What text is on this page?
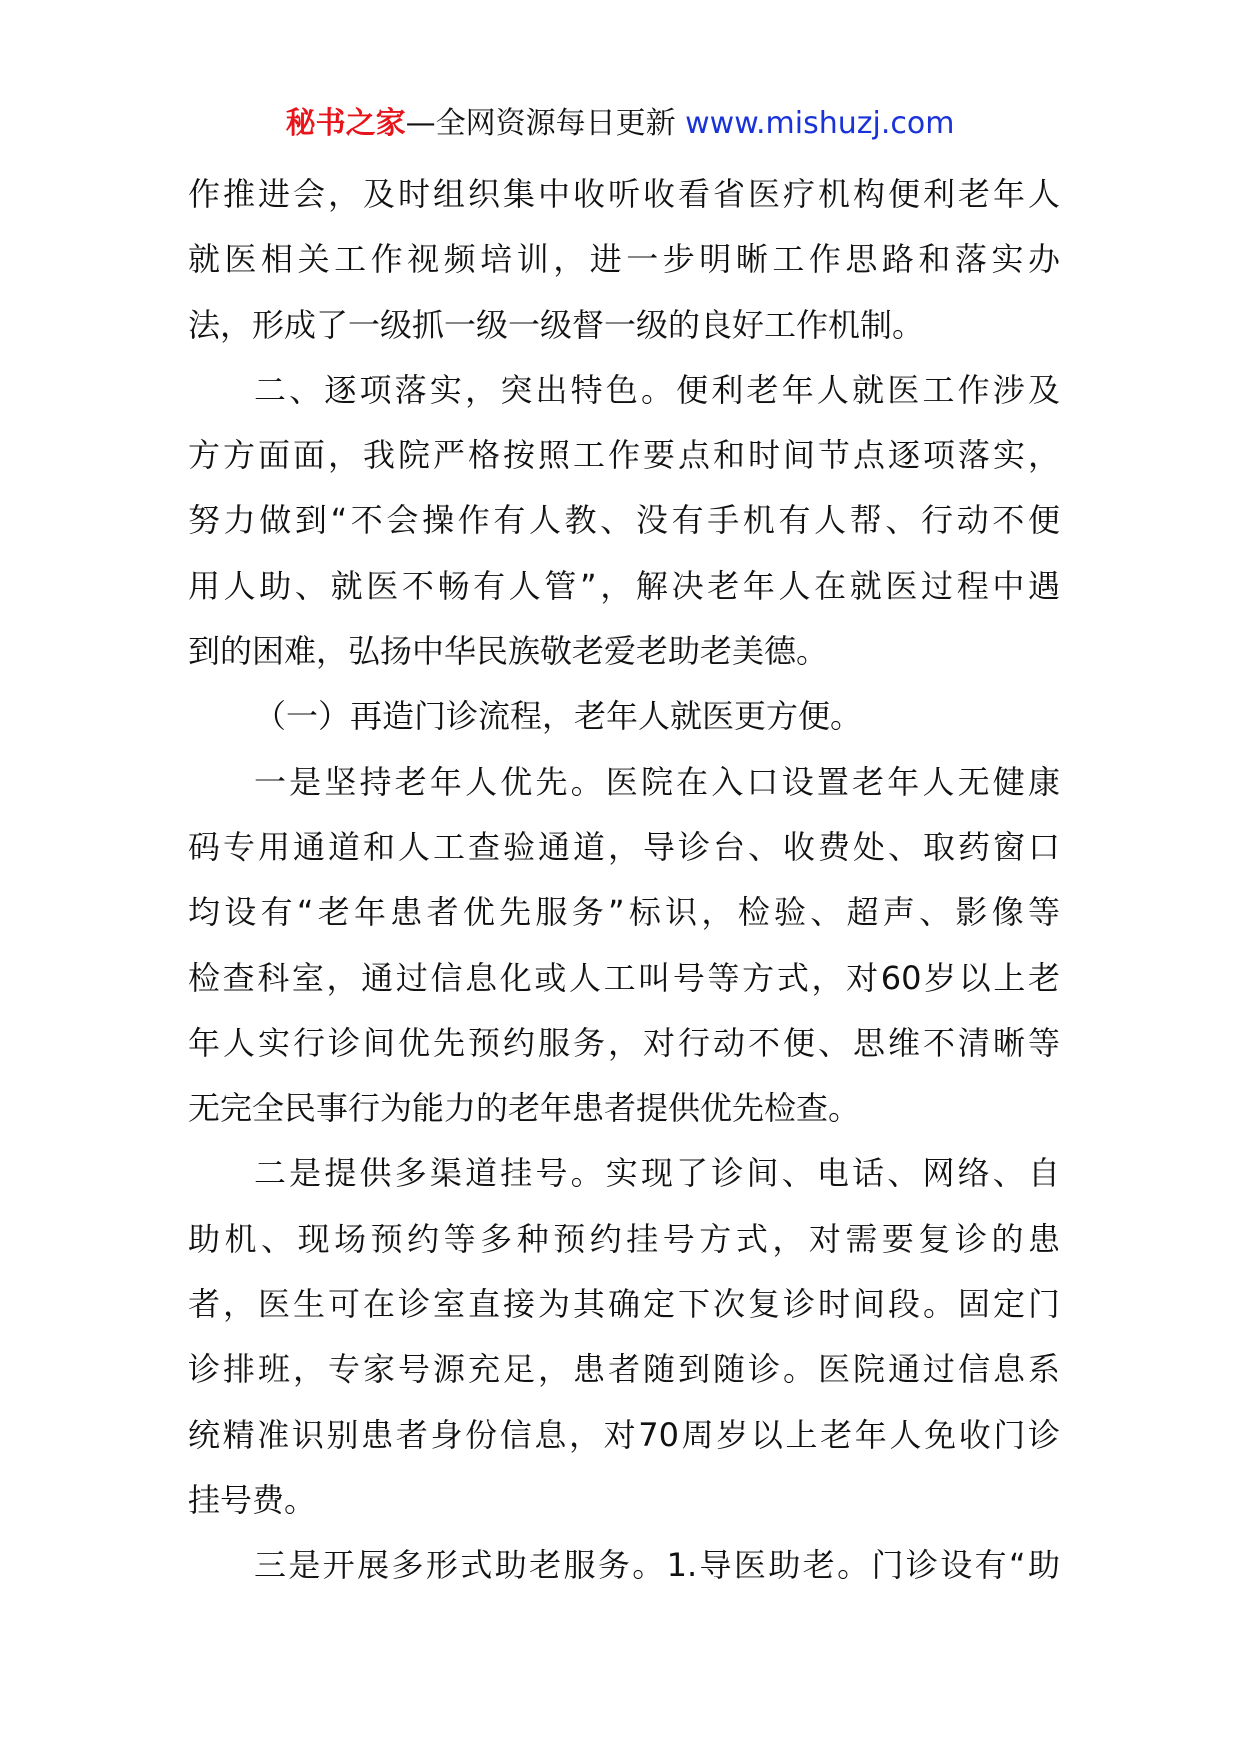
秘书之家—全网资源每日更新 www.mishuzj.com
作推进会，及时组织集中收听收看省医疗机构便利老年人
就医相关工作视频培训，进一步明晰工作思路和落实办
法，形成了一级抓一级一级督一级的良好工作机制。
二、逐项落实，突出特色。便利老年人就医工作涉及
方方面面，我院严格按照工作要点和时间节点逐项落实，
努力做到“不会操作有人教、没有手机有人帮、行动不便
用人助、就医不畅有人管”，解决老年人在就医过程中遇
到的困难，弘扬中华民族敬老爱老助老美德。
（一）再造门诊流程，老年人就医更方便。
一是坚持老年人优先。医院在入口设置老年人无健康
码专用通道和人工查验通道，导诊台、收费处、取药窗口
均设有“老年患者优先服务”标识，检验、超声、影像等
检查科室，通过信息化或人工叫号等方式，对60岁以上老
年人实行诊间优先预约服务，对行动不便、思维不清晰等
无完全民事行为能力的老年患者提供优先检查。
二是提供多渠道挂号。实现了诊间、电话、网络、自
助机、现场预约等多种预约挂号方式，对需要复诊的患
者，医生可在诊室直接为其确定下次复诊时间段。固定门
诊排班，专家号源充足，患者随到随诊。医院通过信息系
统精准识别患者身份信息，对70周岁以上老年人免收门诊
挂号费。
三是开展多形式助老服务。1.导医助老。门诊设有“助
